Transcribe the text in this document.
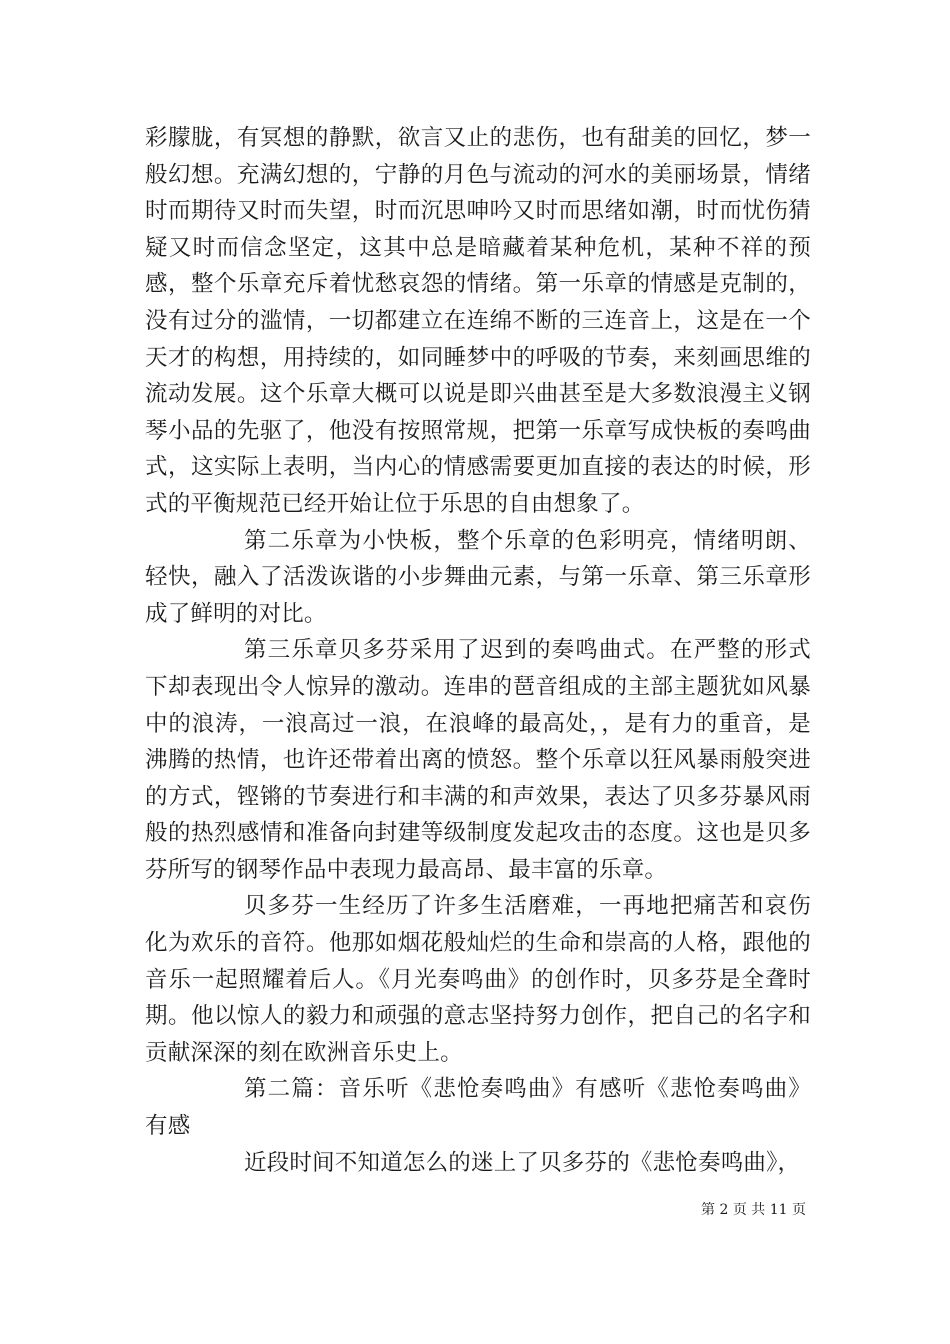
彩朦胧，有冥想的静默，欲言又止的悲伤，也有甜美的回忆，梦一般幻想。充满幻想的，宁静的月色与流动的河水的美丽场景，情绪时而期待又时而失望，时而沉思呻吟又时而思绪如潮，时而忧伤猜疑又时而信念坚定，这其中总是暗藏着某种危机，某种不祥的预感，整个乐章充斥着忧愁哀怨的情绪。第一乐章的情感是克制的，没有过分的滥情，一切都建立在连绵不断的三连音上，这是在一个天才的构想，用持续的，如同睡梦中的呼吸的节奏，来刻画思维的流动发展。这个乐章大概可以说是即兴曲甚至是大多数浪漫主义钢琴小品的先驱了，他没有按照常规，把第一乐章写成快板的奏鸣曲式，这实际上表明，当内心的情感需要更加直接的表达的时候，形式的平衡规范已经开始让位于乐思的自由想象了。

第二乐章为小快板，整个乐章的色彩明亮，情绪明朗、轻快，融入了活泼诙谐的小步舞曲元素，与第一乐章、第三乐章形成了鲜明的对比。

第三乐章贝多芬采用了迟到的奏鸣曲式。在严整的形式下却表现出令人惊异的激动。连串的琶音组成的主部主题犹如风暴中的浪涛，一浪高过一浪，在浪峰的最高处，，是有力的重音，是沸腾的热情，也许还带着出离的愤怒。整个乐章以狂风暴雨般突进的方式，铿锵的节奏进行和丰满的和声效果，表达了贝多芬暴风雨般的热烈感情和准备向封建等级制度发起攻击的态度。这也是贝多芬所写的钢琴作品中表现力最高昂、最丰富的乐章。

贝多芬一生经历了许多生活磨难，一再地把痛苦和哀伤化为欢乐的音符。他那如烟花般灿烂的生命和崇高的人格，跟他的音乐一起照耀着后人。《月光奏鸣曲》的创作时，贝多芬是全聋时期。他以惊人的毅力和顽强的意志坚持努力创作，把自己的名字和贡献深深的刻在欧洲音乐史上。

第二篇：音乐听《悲怆奏鸣曲》有感听《悲怆奏鸣曲》有感

近段时间不知道怎么的迷上了贝多芬的《悲怆奏鸣曲》，

第 2 页 共 11 页
